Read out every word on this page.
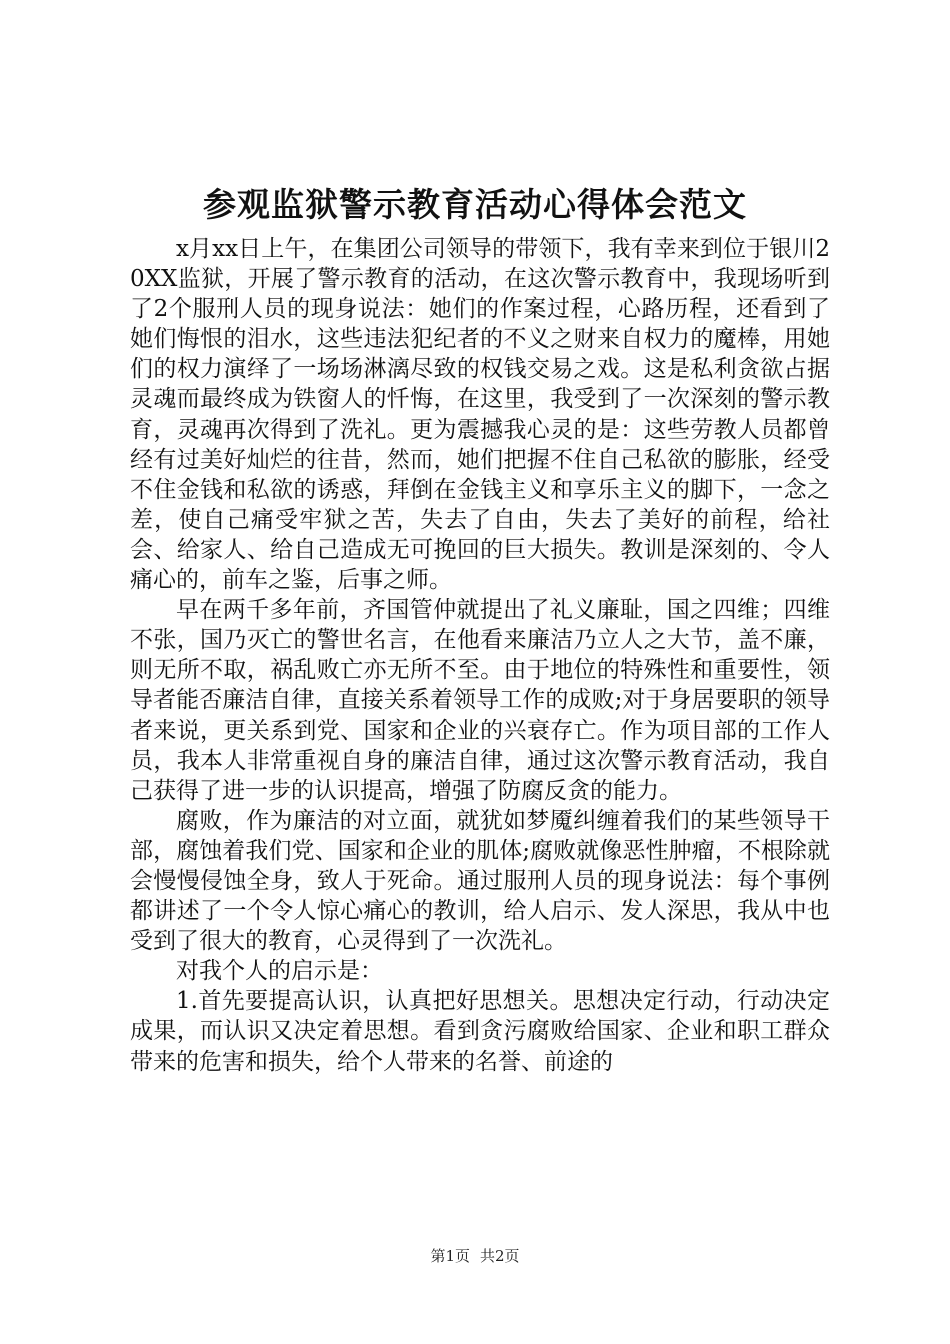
参观监狱警示教育活动心得体会范文

x月xx日上午，在集团公司领导的带领下，我有幸来到位于银川20XX监狱，开展了警示教育的活动，在这次警示教育中，我现场听到了2个服刑人员的现身说法：她们的作案过程，心路历程，还看到了她们悔恨的泪水，这些违法犯纪者的不义之财来自权力的魔棒，用她们的权力演绎了一场场淋漓尽致的权钱交易之戏。这是私利贪欲占据灵魂而最终成为铁窗人的忏悔，在这里，我受到了一次深刻的警示教育，灵魂再次得到了洗礼。更为震撼我心灵的是：这些劳教人员都曾经有过美好灿烂的往昔，然而，她们把握不住自己私欲的膨胀，经受不住金钱和私欲的诱惑，拜倒在金钱主义和享乐主义的脚下，一念之差，使自己痛受牢狱之苦，失去了自由，失去了美好的前程，给社会、给家人、给自己造成无可挽回的巨大损失。教训是深刻的、令人痛心的，前车之鉴，后事之师。

早在两千多年前，齐国管仲就提出了礼义廉耻，国之四维；四维不张，国乃灭亡的警世名言，在他看来廉洁乃立人之大节，盖不廉，则无所不取，祸乱败亡亦无所不至。由于地位的特殊性和重要性，领导者能否廉洁自律，直接关系着领导工作的成败;对于身居要职的领导者来说，更关系到党、国家和企业的兴衰存亡。作为项目部的工作人员，我本人非常重视自身的廉洁自律，通过这次警示教育活动，我自己获得了进一步的认识提高，增强了防腐反贪的能力。

腐败，作为廉洁的对立面，就犹如梦魇纠缠着我们的某些领导干部，腐蚀着我们党、国家和企业的肌体;腐败就像恶性肿瘤，不根除就会慢慢侵蚀全身，致人于死命。通过服刑人员的现身说法：每个事例都讲述了一个令人惊心痛心的教训，给人启示、发人深思，我从中也受到了很大的教育，心灵得到了一次洗礼。

对我个人的启示是：

1.首先要提高认识，认真把好思想关。思想决定行动，行动决定成果，而认识又决定着思想。看到贪污腐败给国家、企业和职工群众带来的危害和损失，给个人带来的名誉、前途的

第1页 共2页
